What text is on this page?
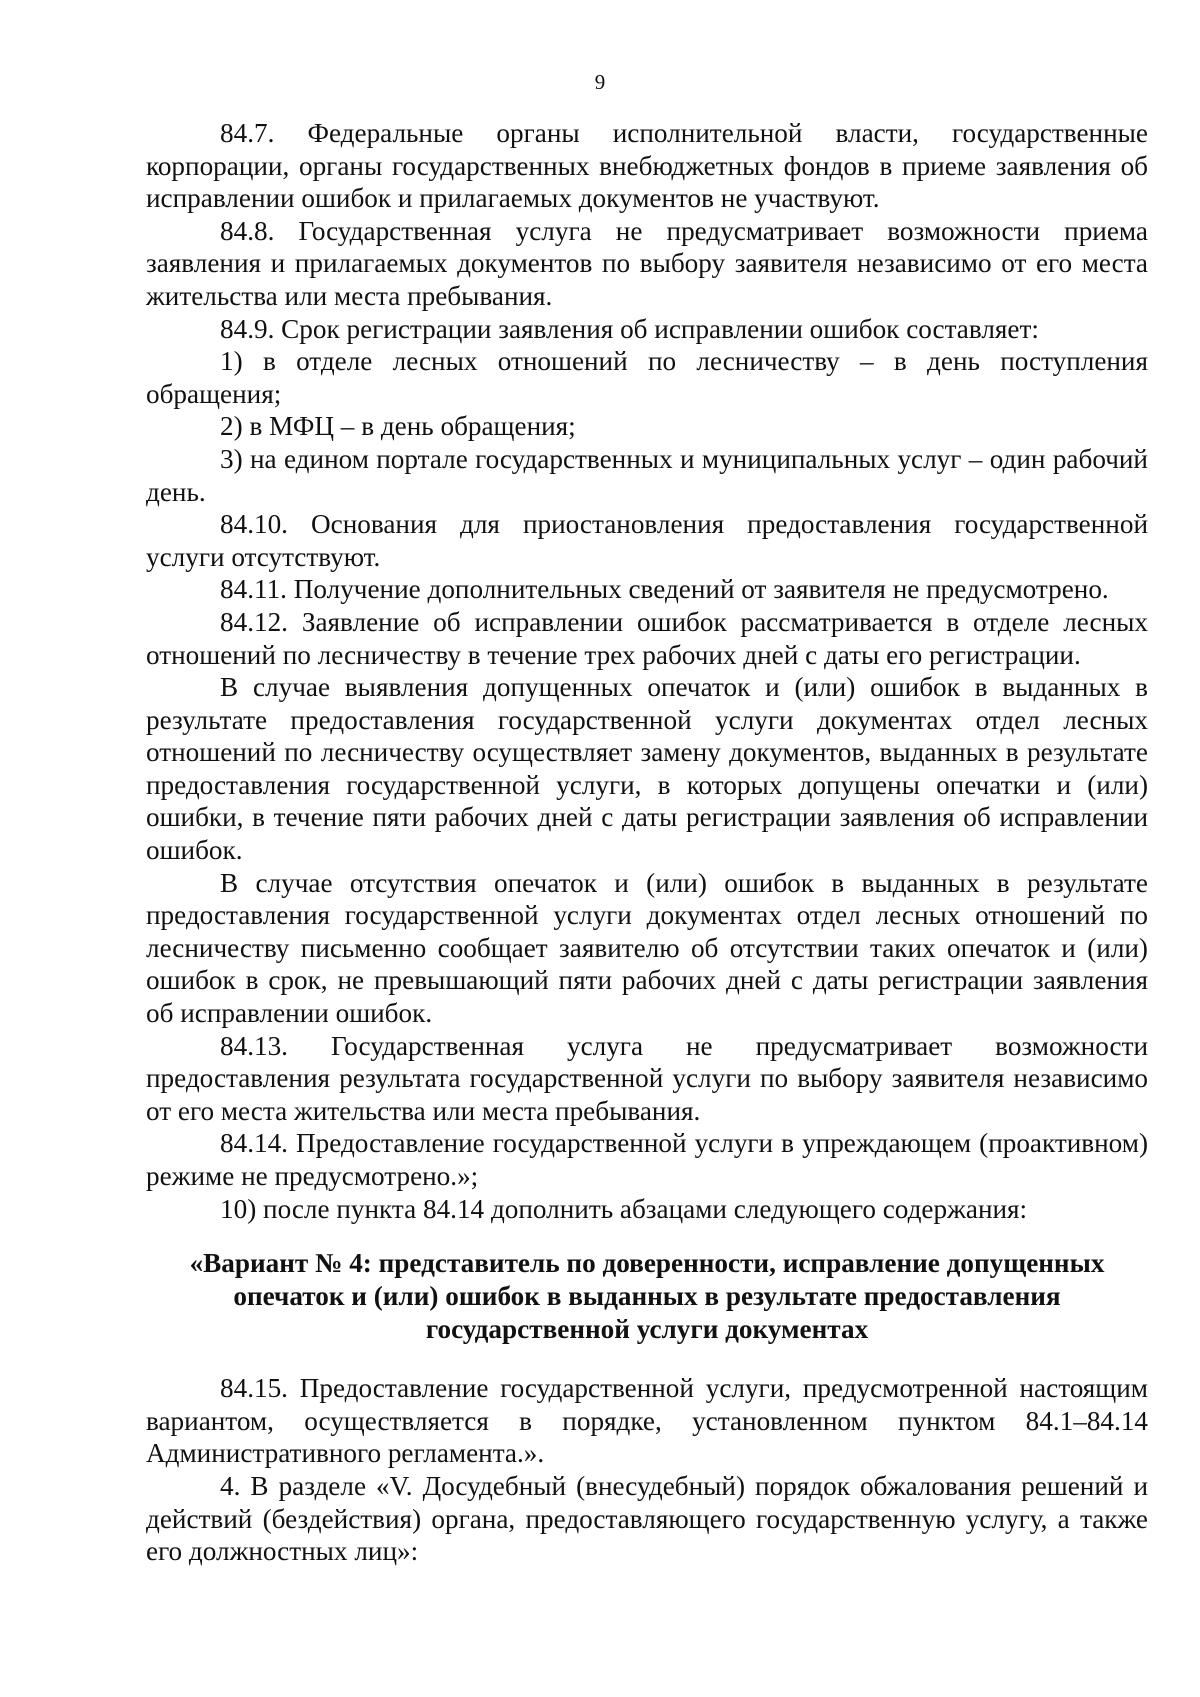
9

84.7. Федеральные органы исполнительной власти, государственные корпорации, органы государственных внебюджетных фондов в приеме заявления об исправлении ошибок и прилагаемых документов не участвуют.

84.8. Государственная услуга не предусматривает возможности приема заявления и прилагаемых документов по выбору заявителя независимо от его места жительства или места пребывания.

84.9. Срок регистрации заявления об исправлении ошибок составляет:

1) в отделе лесных отношений по лесничеству – в день поступления обращения;

2) в МФЦ – в день обращения;

3) на едином портале государственных и муниципальных услуг – один рабочий день.

84.10. Основания для приостановления предоставления государственной услуги отсутствуют.

84.11. Получение дополнительных сведений от заявителя не предусмотрено.

84.12. Заявление об исправлении ошибок рассматривается в отделе лесных отношений по лесничеству в течение трех рабочих дней с даты его регистрации.

В случае выявления допущенных опечаток и (или) ошибок в выданных в результате предоставления государственной услуги документах отдел лесных отношений по лесничеству осуществляет замену документов, выданных в результате предоставления государственной услуги, в которых допущены опечатки и (или) ошибки, в течение пяти рабочих дней с даты регистрации заявления об исправлении ошибок.

В случае отсутствия опечаток и (или) ошибок в выданных в результате предоставления государственной услуги документах отдел лесных отношений по лесничеству письменно сообщает заявителю об отсутствии таких опечаток и (или) ошибок в срок, не превышающий пяти рабочих дней с даты регистрации заявления об исправлении ошибок.

84.13. Государственная услуга не предусматривает возможности предоставления результата государственной услуги по выбору заявителя независимо от его места жительства или места пребывания.

84.14. Предоставление государственной услуги в упреждающем (проактивном) режиме не предусмотрено.»;

10) после пункта 84.14 дополнить абзацами следующего содержания:

«Вариант № 4: представитель по доверенности, исправление допущенных

опечаток и (или) ошибок в выданных в результате предоставления

государственной услуги документах

84.15. Предоставление государственной услуги, предусмотренной настоящим вариантом, осуществляется в порядке, установленном пунктом 84.1–84.14 Административного регламента.».

4. В разделе «V. Досудебный (внесудебный) порядок обжалования решений и действий (бездействия) органа, предоставляющего государственную услугу, а также его должностных лиц»:
